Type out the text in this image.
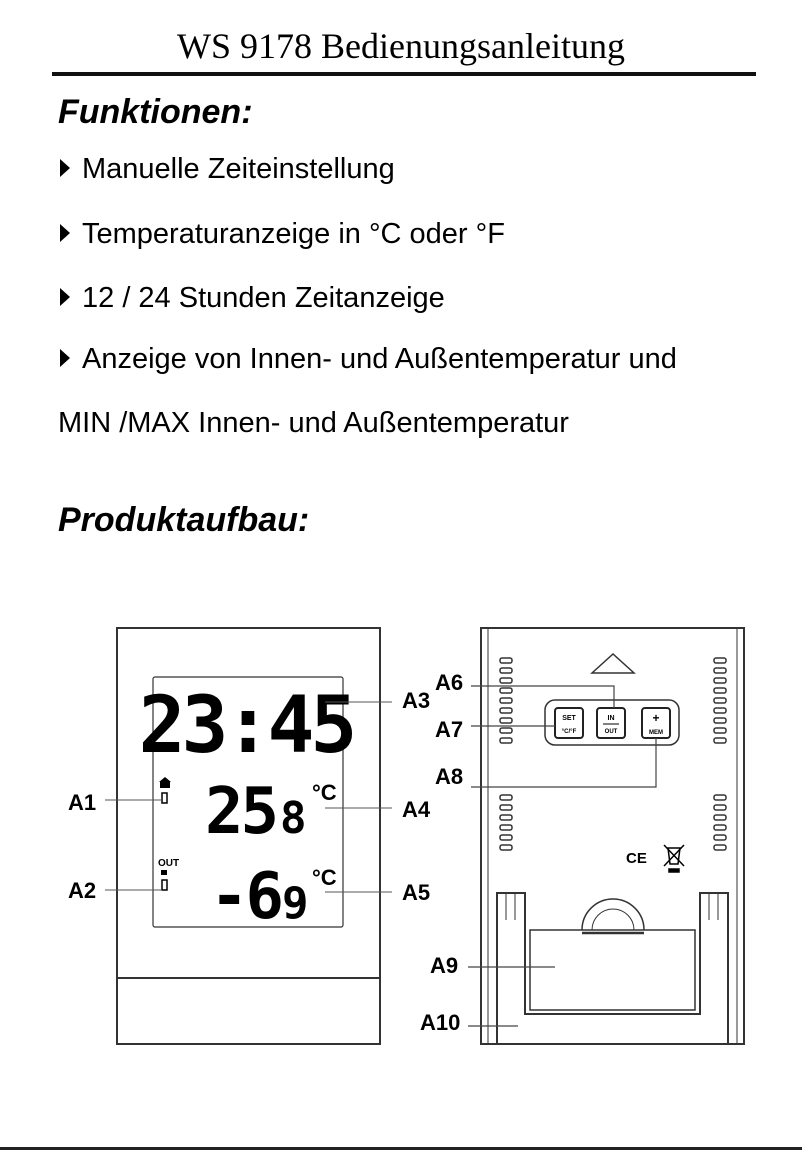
WS 9178 Bedienungsanleitung
Funktionen:
Manuelle Zeiteinstellung
Temperaturanzeige in °C oder °F
12 / 24 Stunden Zeitanzeige
Anzeige von Innen- und Außentemperatur und
MIN /MAX Innen- und Außentemperatur
Produktaufbau:
23:45
25 8
°C
-6 9
°C
OUT
A1
A2
A3
A4
A5
SET
°C/°F
IN
OUT
+
MEM
CE
A6
A7
A8
A9
A10
